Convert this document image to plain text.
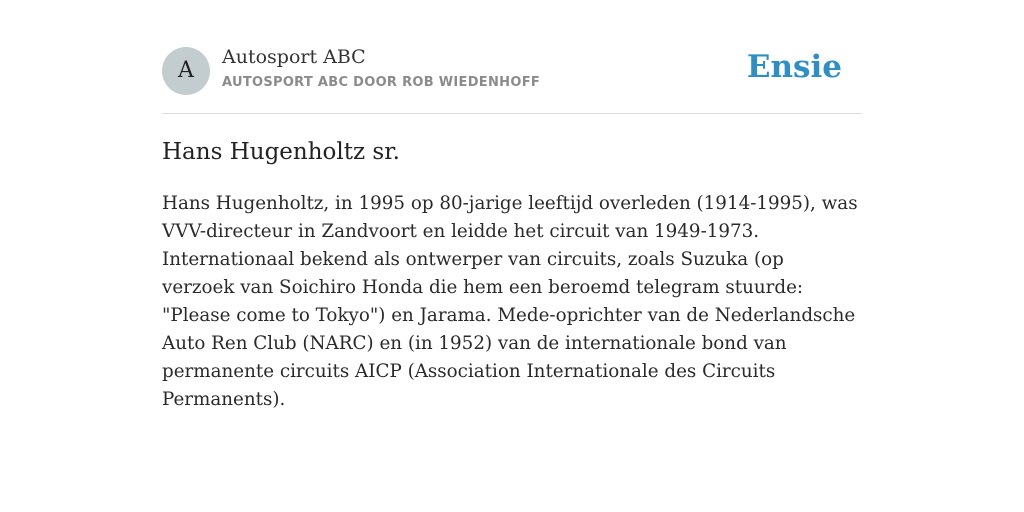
A
Autosport ABC
AUTOSPORT ABC DOOR ROB WIEDENHOFF	Ensie
Hans Hugenholtz sr.

Hans Hugenholtz, in 1995 op 80-jarige leeftijd overleden (1914-1995), was VVV-directeur in Zandvoort en leidde het circuit van 1949-1973. Internationaal bekend als ontwerper van circuits, zoals Suzuka (op verzoek van Soichiro Honda die hem een beroemd telegram stuurde: "Please come to Tokyo") en Jarama. Mede-oprichter van de Nederlandsche Auto Ren Club (NARC) en (in 1952) van de internationale bond van permanente circuits AICP (Association Internationale des Circuits Permanents).
